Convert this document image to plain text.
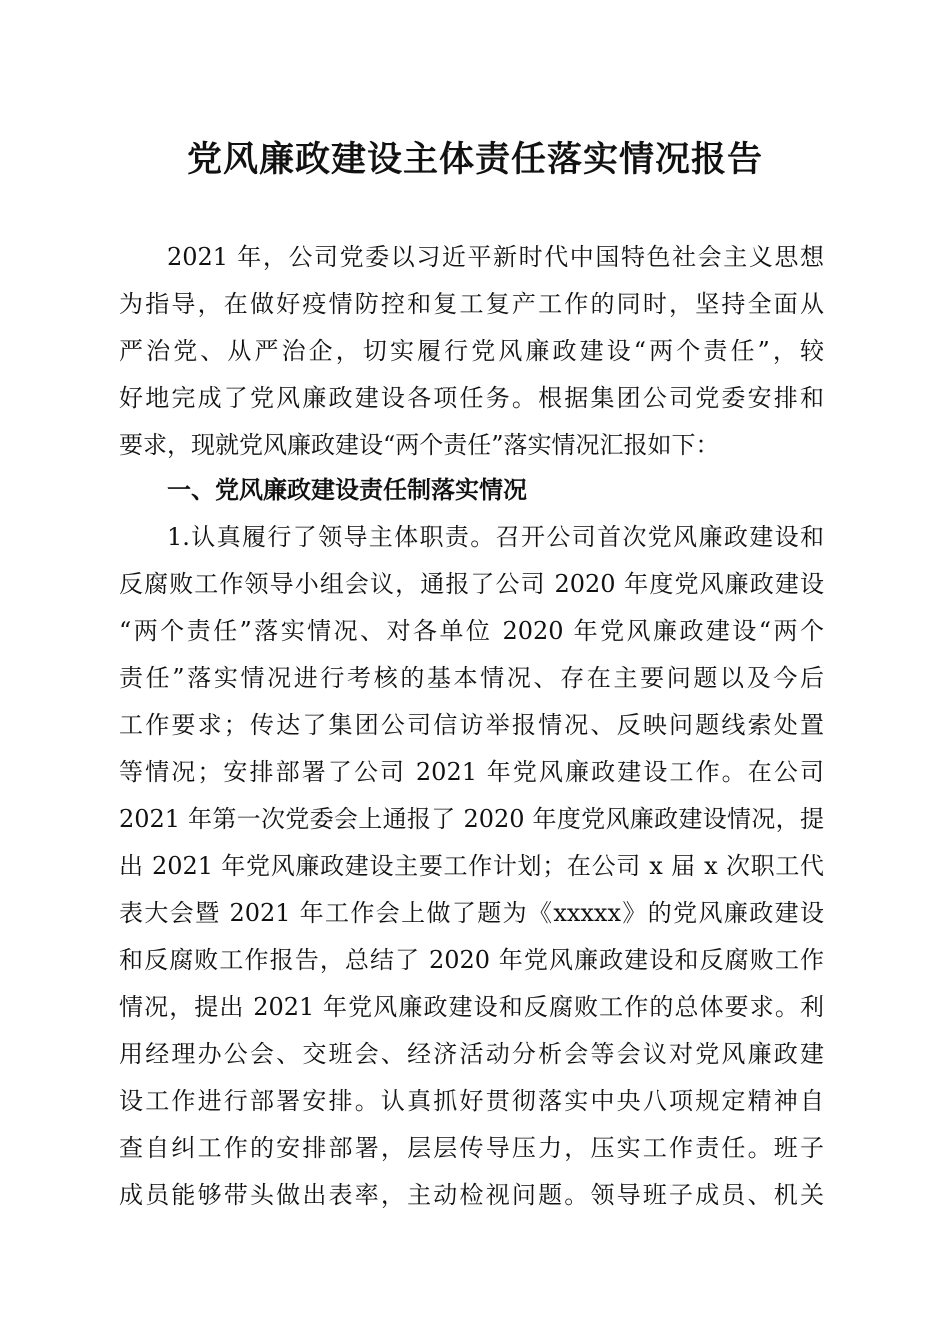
党风廉政建设主体责任落实情况报告
2021 年，公司党委以习近平新时代中国特色社会主义思想
为指导，在做好疫情防控和复工复产工作的同时，坚持全面从
严治党、从严治企，切实履行党风廉政建设“两个责任”，较
好地完成了党风廉政建设各项任务。根据集团公司党委安排和
要求，现就党风廉政建设“两个责任”落实情况汇报如下：
一、党风廉政建设责任制落实情况
1.认真履行了领导主体职责。召开公司首次党风廉政建设和
反腐败工作领导小组会议，通报了公司 2020 年度党风廉政建设
“两个责任”落实情况、对各单位 2020 年党风廉政建设“两个
责任”落实情况进行考核的基本情况、存在主要问题以及今后
工作要求；传达了集团公司信访举报情况、反映问题线索处置
等情况；安排部署了公司 2021 年党风廉政建设工作。在公司
2021 年第一次党委会上通报了 2020 年度党风廉政建设情况，提
出 2021 年党风廉政建设主要工作计划；在公司 x 届 x 次职工代
表大会暨 2021 年工作会上做了题为《xxxxx》的党风廉政建设
和反腐败工作报告，总结了 2020 年党风廉政建设和反腐败工作
情况，提出 2021 年党风廉政建设和反腐败工作的总体要求。利
用经理办公会、交班会、经济活动分析会等会议对党风廉政建
设工作进行部署安排。认真抓好贯彻落实中央八项规定精神自
查自纠工作的安排部署，层层传导压力，压实工作责任。班子
成员能够带头做出表率，主动检视问题。领导班子成员、机关
